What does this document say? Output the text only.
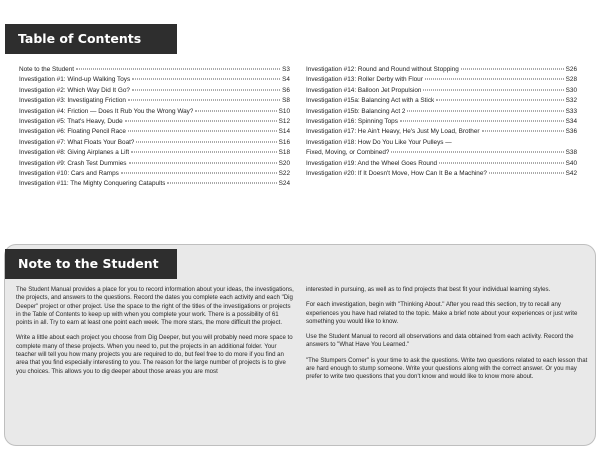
Table of Contents
Note to the Student	S3
Investigation #1: Wind-up Walking Toys	S4
Investigation #2: Which Way Did It Go?	S6
Investigation #3: Investigating Friction	S8
Investigation #4: Friction — Does It Rub You the Wrong Way?	S10
Investigation #5: That's Heavy, Dude	S12
Investigation #6: Floating Pencil Race	S14
Investigation #7: What Floats Your Boat?	S16
Investigation #8: Giving Airplanes a Lift	S18
Investigation #9: Crash Test Dummies	S20
Investigation #10: Cars and Ramps	S22
Investigation #11: The Mighty Conquering Catapults	S24
Investigation #12: Round and Round without Stopping	S26
Investigation #13: Roller Derby with Flour	S28
Investigation #14: Balloon Jet Propulsion	S30
Investigation #15a: Balancing Act with a Stick	S32
Investigation #15b: Balancing Act 2	S33
Investigation #16: Spinning Tops	S34
Investigation #17: He Ain't Heavy, He's Just My Load, Brother	S36
Investigation #18: How Do You Like Your Pulleys —
Fixed, Moving, or Combined?	S38
Investigation #19: And the Wheel Goes Round	S40
Investigation #20: If It Doesn't Move, How Can It Be a Machine?	S42
Note to the Student

The Student Manual provides a place for you to record information about your ideas, the investigations, the projects, and answers to the questions. Record the dates you complete each activity and each "Dig Deeper" project or other project. Use the space to the right of the titles of the investigations or projects in the Table of Contents to keep up with when you complete your work. There is a possibility of 61 points in all. Try to earn at least one point each week. The more stars, the more difficult the project.

Write a little about each project you choose from Dig Deeper, but you will probably need more space to complete many of these projects. When you need to, put the projects in an additional folder. Your teacher will tell you how many projects you are required to do, but feel free to do more if you find an area that you find especially interesting to you. The reason for the large number of projects is to give you choices. This allows you to dig deeper about those areas you are most

interested in pursuing, as well as to find projects that best fit your individual learning styles.

For each investigation, begin with "Thinking About." After you read this section, try to recall any experiences you have had related to the topic. Make a brief note about your experiences or just write something you would like to know.

Use the Student Manual to record all observations and data obtained from each activity. Record the answers to "What Have You Learned."

"The Stumpers Corner" is your time to ask the questions. Write two questions related to each lesson that are hard enough to stump someone. Write your questions along with the correct answer. Or you may prefer to write two questions that you don't know and would like to know more about.
